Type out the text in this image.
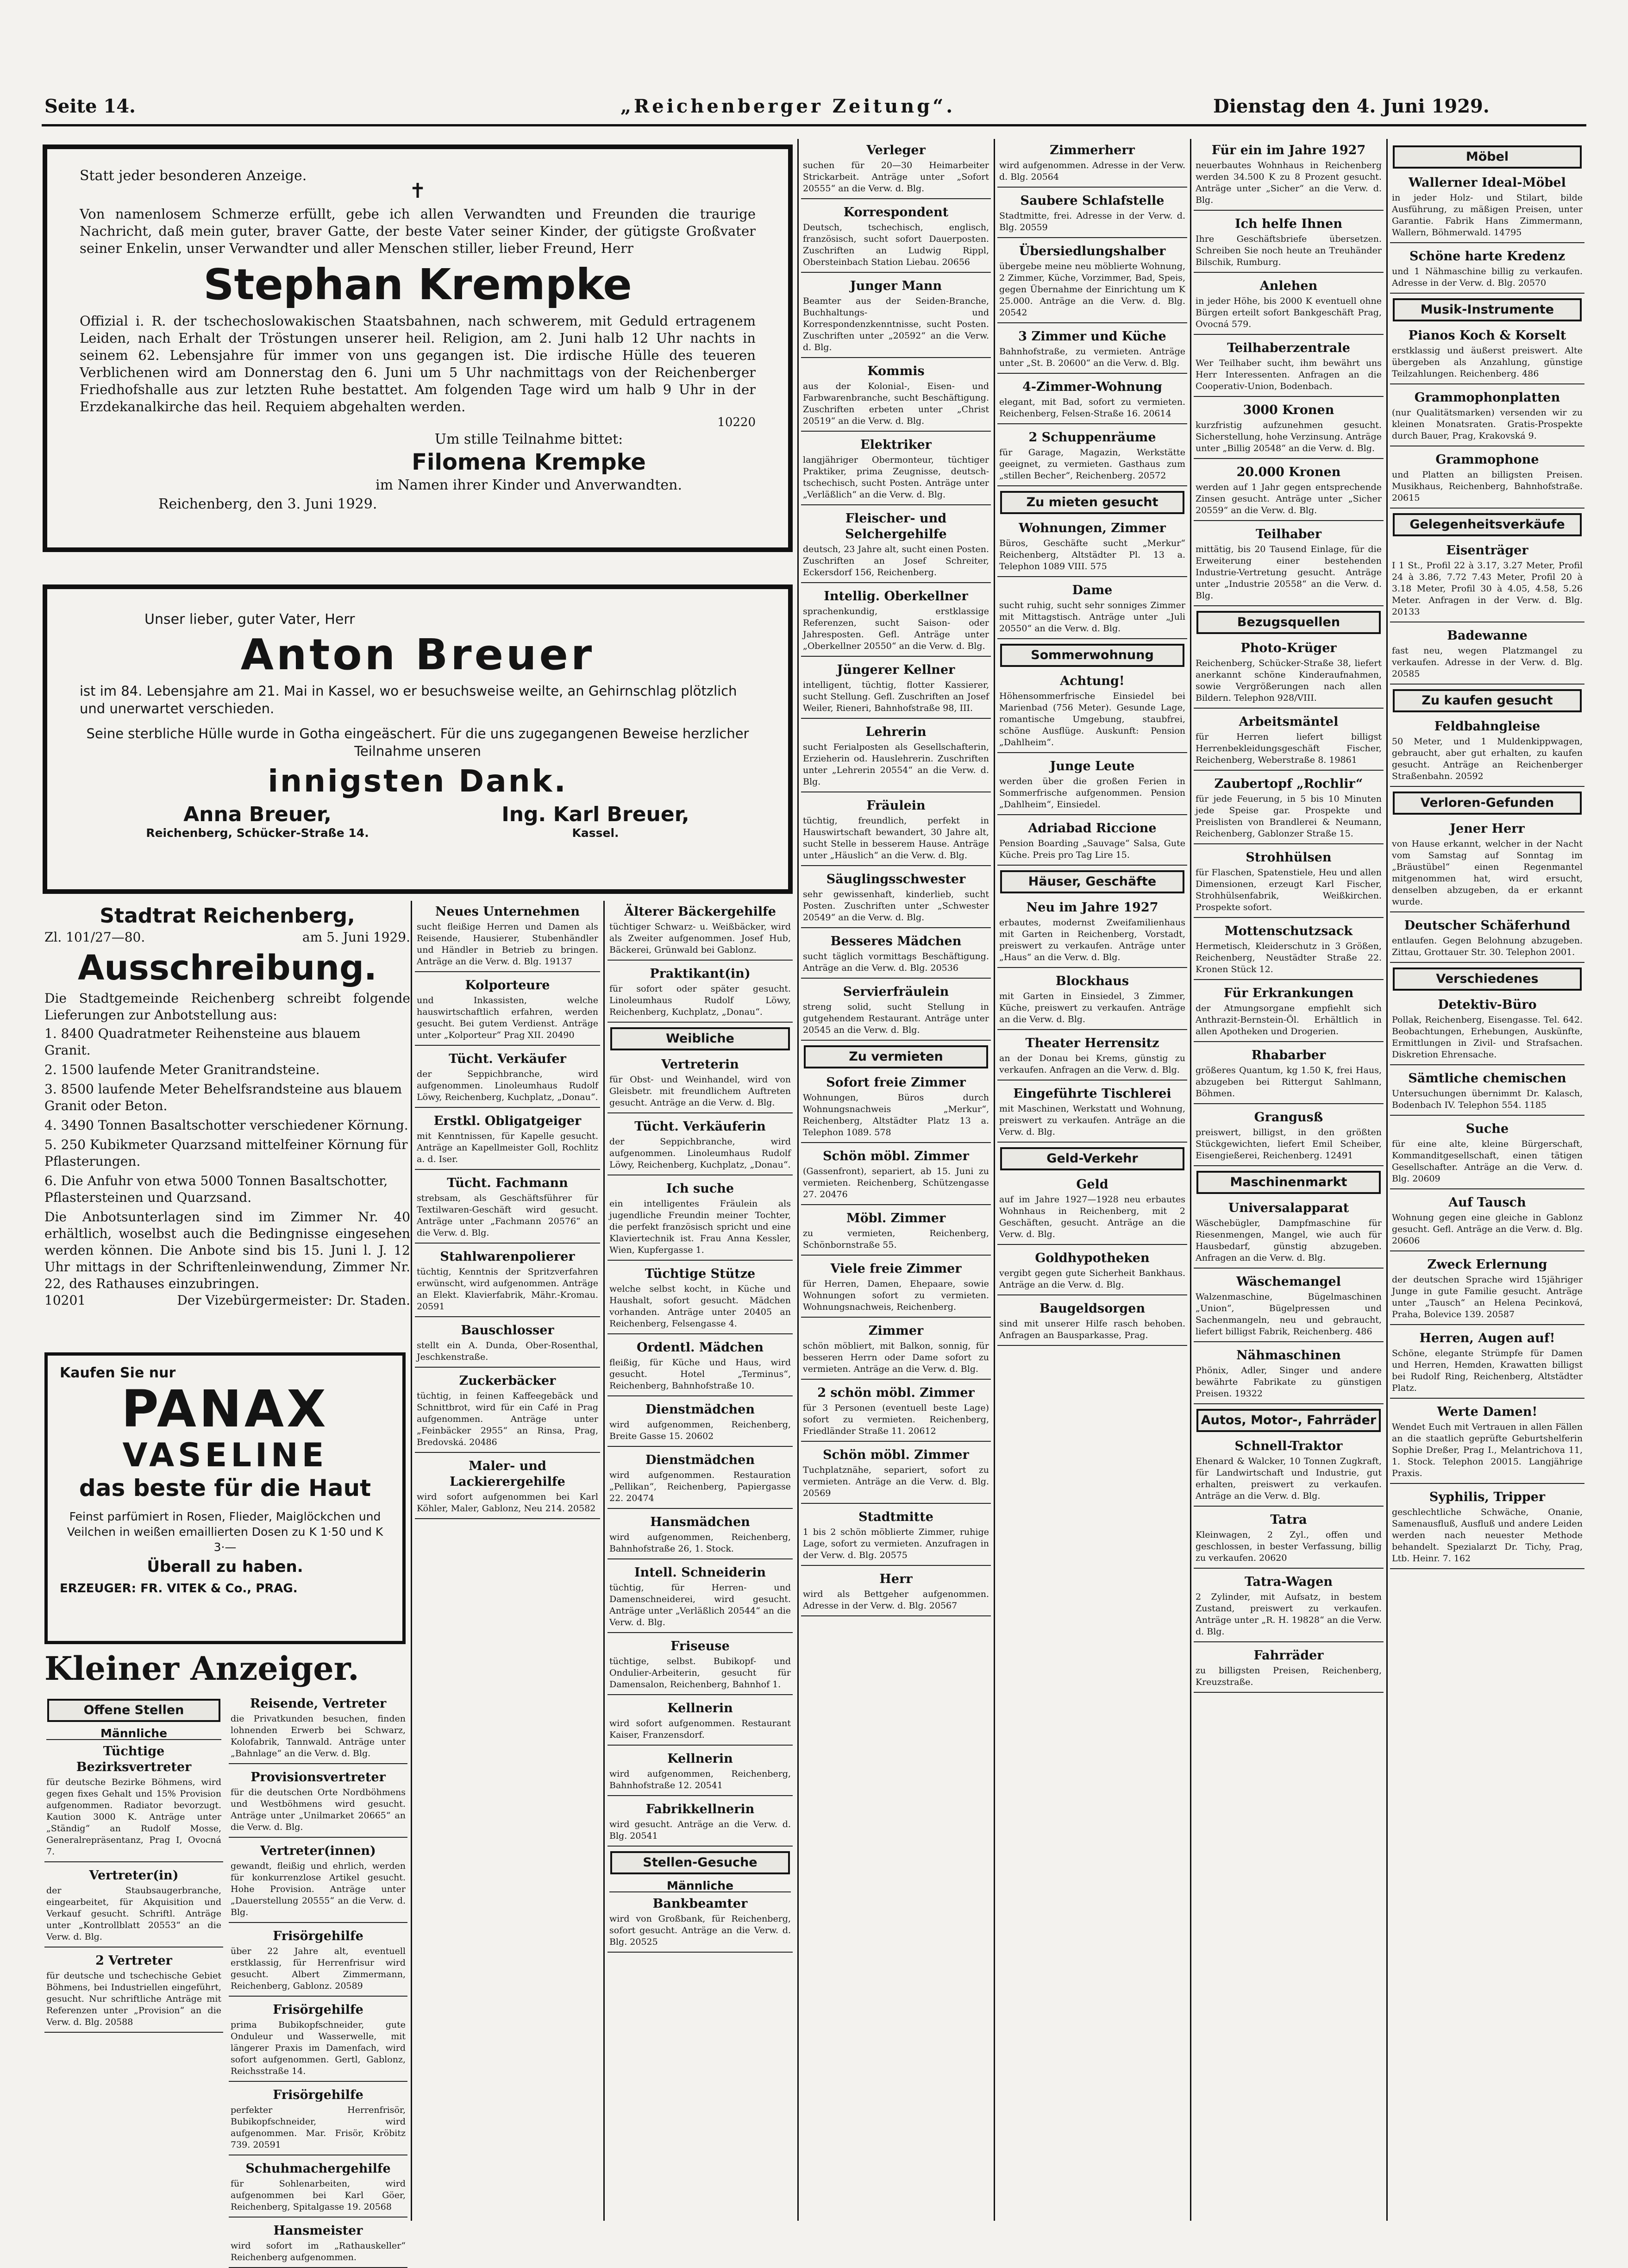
Seite 14.	„Reichenberger Zeitung“.	Dienstag den 4. Juni 1929.
Statt jeder besonderen Anzeige.
✝
Von namenlosem Schmerze erfüllt, gebe ich allen Verwandten und Freunden die traurige Nachricht, daß mein guter, braver Gatte, der beste Vater seiner Kinder, der gütigste Großvater seiner Enkelin, unser Verwandter und aller Menschen stiller, lieber Freund, Herr
Stephan Krempke
Offizial i. R. der tschechoslowakischen Staatsbahnen, nach schwerem, mit Geduld ertragenem Leiden, nach Erhalt der Tröstungen unserer heil. Religion, am 2. Juni halb 12 Uhr nachts in seinem 62. Lebensjahre für immer von uns gegangen ist. Die irdische Hülle des teueren Verblichenen wird am Donnerstag den 6. Juni um 5 Uhr nachmittags von der Reichenberger Friedhofshalle aus zur letzten Ruhe bestattet. Am folgenden Tage wird um halb 9 Uhr in der Erzdekanalkirche das heil. Requiem abgehalten werden.
10220
Um stille Teilnahme bittet:
Filomena Krempke
im Namen ihrer Kinder und Anverwandten.
Reichenberg, den 3. Juni 1929.
Unser lieber, guter Vater, Herr
Anton Breuer
ist im 84. Lebensjahre am 21. Mai in Kassel, wo er besuchsweise weilte, an Gehirnschlag plötzlich und unerwartet verschieden.
Seine sterbliche Hülle wurde in Gotha eingeäschert. Für die uns zugegangenen Beweise herzlicher Teilnahme unseren
innigsten Dank.
Anna Breuer,
Reichenberg, Schücker-Straße 14.
Ing. Karl Breuer,
Kassel.
Stadtrat Reichenberg,
Zl. 101/27—80.	am 5. Juni 1929.
Ausschreibung.
Die Stadtgemeinde Reichenberg schreibt folgende Lieferungen zur Anbotstellung aus:
1. 8400 Quadratmeter Reihensteine aus blauem Granit.
2. 1500 laufende Meter Granitrandsteine.
3. 8500 laufende Meter Behelfsrandsteine aus blauem Granit oder Beton.
4. 3490 Tonnen Basaltschotter verschiedener Körnung.
5. 250 Kubikmeter Quarzsand mittelfeiner Körnung für Pflasterungen.
6. Die Anfuhr von etwa 5000 Tonnen Basaltschotter, Pflastersteinen und Quarzsand.
Die Anbotsunterlagen sind im Zimmer Nr. 40 erhältlich, woselbst auch die Bedingnisse eingesehen werden können. Die Anbote sind bis 15. Juni l. J. 12 Uhr mittags in der Schriftenleinwendung, Zimmer Nr. 22, des Rathauses einzubringen.
10201	Der Vizebürgermeister: Dr. Staden.
Kaufen Sie nur
PANAX
VASELINE
das beste für die Haut
Feinst parfümiert in Rosen, Flieder, Maiglöckchen und Veilchen in weißen emaillierten Dosen zu K 1·50 und K 3·—
Überall zu haben.
ERZEUGER: FR. VITEK & Co., PRAG.
Kleiner Anzeiger.
Offene Stellen
Männliche
Tüchtige Bezirksvertreter
für deutsche Bezirke Böhmens, wird gegen fixes Gehalt und 15% Provision aufgenommen. Radiator bevorzugt. Kaution 3000 K. Anträge unter „Ständig“ an Rudolf Mosse, Generalrepräsentanz, Prag I, Ovocná 7.
Vertreter(in)
der Staubsaugerbranche, eingearbeitet, für Akquisition und Verkauf gesucht. Schriftl. Anträge unter „Kontrollblatt 20553“ an die Verw. d. Blg.
2 Vertreter
für deutsche und tschechische Gebiet Böhmens, bei Industriellen eingeführt, gesucht. Nur schriftliche Anträge mit Referenzen unter „Provision“ an die Verw. d. Blg. 20588
Reisende, Vertreter
die Privatkunden besuchen, finden lohnenden Erwerb bei Schwarz, Kolofabrik, Tannwald. Anträge unter „Bahnlage“ an die Verw. d. Blg.
Provisionsvertreter
für die deutschen Orte Nordböhmens und Westböhmens wird gesucht. Anträge unter „Unilmarket 20665“ an die Verw. d. Blg.
Vertreter(innen)
gewandt, fleißig und ehrlich, werden für konkurrenzlose Artikel gesucht. Hohe Provision. Anträge unter „Dauerstellung 20555“ an die Verw. d. Blg.
Frisörgehilfe
über 22 Jahre alt, eventuell erstklassig, für Herrenfrisur wird gesucht. Albert Zimmermann, Reichenberg, Gablonz. 20589
Frisörgehilfe
prima Bubikopfschneider, gute Onduleur und Wasserwelle, mit längerer Praxis im Damenfach, wird sofort aufgenommen. Gertl, Gablonz, Reichsstraße 14.
Frisörgehilfe
perfekter Herrenfrisör, Bubikopfschneider, wird aufgenommen. Mar. Frisör, Kröbitz 739. 20591
Schuhmachergehilfe
für Sohlenarbeiten, wird aufgenommen bei Karl Göer, Reichenberg, Spitalgasse 19. 20568
Hansmeister
wird sofort im „Rathauskeller“ Reichenberg aufgenommen.
Neues Unternehmen
sucht fleißige Herren und Damen als Reisende, Hausierer, Stubenhändler und Händler in Betrieb zu bringen. Anträge an die Verw. d. Blg. 19137
Kolporteure
und Inkassisten, welche hauswirtschaftlich erfahren, werden gesucht. Bei gutem Verdienst. Anträge unter „Kolporteur“ Prag XII. 20490
Tücht. Verkäufer
der Seppichbranche, wird aufgenommen. Linoleumhaus Rudolf Löwy, Reichenberg, Kuchplatz, „Donau“.
Erstkl. Obligatgeiger
mit Kenntnissen, für Kapelle gesucht. Anträge an Kapellmeister Goll, Rochlitz a. d. Iser.
Tücht. Fachmann
strebsam, als Geschäftsführer für Textilwaren-Geschäft wird gesucht. Anträge unter „Fachmann 20576“ an die Verw. d. Blg.
Stahlwarenpolierer
tüchtig, Kenntnis der Spritzverfahren erwünscht, wird aufgenommen. Anträge an Elekt. Klavierfabrik, Mähr.-Kromau. 20591
Bauschlosser
stellt ein A. Dunda, Ober-Rosenthal, Jeschkenstraße.
Zuckerbäcker
tüchtig, in feinen Kaffeegebäck und Schnittbrot, wird für ein Café in Prag aufgenommen. Anträge unter „Feinbäcker 2955“ an Rinsa, Prag, Bredovská. 20486
Maler- und Lackierergehilfe
wird sofort aufgenommen bei Karl Köhler, Maler, Gablonz, Neu 214. 20582
Älterer Bäckergehilfe
tüchtiger Schwarz- u. Weißbäcker, wird als Zweiter aufgenommen. Josef Hub, Bäckerei, Grünwald bei Gablonz.
Praktikant(in)
für sofort oder später gesucht. Linoleumhaus Rudolf Löwy, Reichenberg, Kuchplatz, „Donau“.
Weibliche
Vertreterin
für Obst- und Weinhandel, wird von Gleisbetr. mit freundlichem Auftreten gesucht. Anträge an die Verw. d. Blg.
Tücht. Verkäuferin
der Seppichbranche, wird aufgenommen. Linoleumhaus Rudolf Löwy, Reichenberg, Kuchplatz, „Donau“.
Ich suche
ein intelligentes Fräulein als jugendliche Freundin meiner Tochter, die perfekt französisch spricht und eine Klaviertechnik ist. Frau Anna Kessler, Wien, Kupfergasse 1.
Tüchtige Stütze
welche selbst kocht, in Küche und Haushalt, sofort gesucht. Mädchen vorhanden. Anträge unter 20405 an Reichenberg, Felsengasse 4.
Ordentl. Mädchen
fleißig, für Küche und Haus, wird gesucht. Hotel „Terminus“, Reichenberg, Bahnhofstraße 10.
Dienstmädchen
wird aufgenommen, Reichenberg, Breite Gasse 15. 20602
Dienstmädchen
wird aufgenommen. Restauration „Pellikan“, Reichenberg, Papiergasse 22. 20474
Hansmädchen
wird aufgenommen, Reichenberg, Bahnhofstraße 26, 1. Stock.
Intell. Schneiderin
tüchtig, für Herren- und Damenschneiderei, wird gesucht. Anträge unter „Verläßlich 20544“ an die Verw. d. Blg.
Friseuse
tüchtige, selbst. Bubikopf- und Ondulier-Arbeiterin, gesucht für Damensalon, Reichenberg, Bahnhof 1.
Kellnerin
wird sofort aufgenommen. Restaurant Kaiser, Franzensdorf.
Kellnerin
wird aufgenommen, Reichenberg, Bahnhofstraße 12. 20541
Fabrikkellnerin
wird gesucht. Anträge an die Verw. d. Blg. 20541
Stellen-Gesuche
Männliche
Bankbeamter
wird von Großbank, für Reichenberg, sofort gesucht. Anträge an die Verw. d. Blg. 20525
Verleger
suchen für 20—30 Heimarbeiter Strickarbeit. Anträge unter „Sofort 20555“ an die Verw. d. Blg.
Korrespondent
Deutsch, tschechisch, englisch, französisch, sucht sofort Dauerposten. Zuschriften an Ludwig Rippl, Obersteinbach Station Liebau. 20656
Junger Mann
Beamter aus der Seiden-Branche, Buchhaltungs- und Korrespondenzkenntnisse, sucht Posten. Zuschriften unter „20592“ an die Verw. d. Blg.
Kommis
aus der Kolonial-, Eisen- und Farbwarenbranche, sucht Beschäftigung. Zuschriften erbeten unter „Christ 20519“ an die Verw. d. Blg.
Elektriker
langjähriger Obermonteur, tüchtiger Praktiker, prima Zeugnisse, deutsch-tschechisch, sucht Posten. Anträge unter „Verläßlich“ an die Verw. d. Blg.
Fleischer- und Selchergehilfe
deutsch, 23 Jahre alt, sucht einen Posten. Zuschriften an Josef Schreiter, Eckersdorf 156, Reichenberg.
Intellig. Oberkellner
sprachenkundig, erstklassige Referenzen, sucht Saison- oder Jahresposten. Gefl. Anträge unter „Oberkellner 20550“ an die Verw. d. Blg.
Jüngerer Kellner
intelligent, tüchtig, flotter Kassierer, sucht Stellung. Gefl. Zuschriften an Josef Weiler, Rieneri, Bahnhofstraße 98, III.
Lehrerin
sucht Ferialposten als Gesellschafterin, Erzieherin od. Hauslehrerin. Zuschriften unter „Lehrerin 20554“ an die Verw. d. Blg.
Fräulein
tüchtig, freundlich, perfekt in Hauswirtschaft bewandert, 30 Jahre alt, sucht Stelle in besserem Hause. Anträge unter „Häuslich“ an die Verw. d. Blg.
Säuglingsschwester
sehr gewissenhaft, kinderlieb, sucht Posten. Zuschriften unter „Schwester 20549“ an die Verw. d. Blg.
Besseres Mädchen
sucht täglich vormittags Beschäftigung. Anträge an die Verw. d. Blg. 20536
Servierfräulein
streng solid, sucht Stellung in gutgehendem Restaurant. Anträge unter 20545 an die Verw. d. Blg.
Zu vermieten
Sofort freie Zimmer
Wohnungen, Büros durch Wohnungsnachweis „Merkur“, Reichenberg, Altstädter Platz 13 a. Telephon 1089. 578
Schön möbl. Zimmer
(Gassenfront), separiert, ab 15. Juni zu vermieten. Reichenberg, Schützengasse 27. 20476
Möbl. Zimmer
zu vermieten, Reichenberg, Schönbornstraße 55.
Viele freie Zimmer
für Herren, Damen, Ehepaare, sowie Wohnungen sofort zu vermieten. Wohnungsnachweis, Reichenberg.
Zimmer
schön möbliert, mit Balkon, sonnig, für besseren Herrn oder Dame sofort zu vermieten. Anträge an die Verw. d. Blg.
2 schön möbl. Zimmer
für 3 Personen (eventuell beste Lage) sofort zu vermieten. Reichenberg, Friedländer Straße 11. 20612
Schön möbl. Zimmer
Tuchplatznähe, separiert, sofort zu vermieten. Anträge an die Verw. d. Blg. 20569
Stadtmitte
1 bis 2 schön möblierte Zimmer, ruhige Lage, sofort zu vermieten. Anzufragen in der Verw. d. Blg. 20575
Herr
wird als Bettgeher aufgenommen. Adresse in der Verw. d. Blg. 20567
Zimmerherr
wird aufgenommen. Adresse in der Verw. d. Blg. 20564
Saubere Schlafstelle
Stadtmitte, frei. Adresse in der Verw. d. Blg. 20559
Übersiedlungshalber
übergebe meine neu möblierte Wohnung, 2 Zimmer, Küche, Vorzimmer, Bad, Speis, gegen Übernahme der Einrichtung um K 25.000. Anträge an die Verw. d. Blg. 20542
3 Zimmer und Küche
Bahnhofstraße, zu vermieten. Anträge unter „St. B. 20600“ an die Verw. d. Blg.
4-Zimmer-Wohnung
elegant, mit Bad, sofort zu vermieten. Reichenberg, Felsen-Straße 16. 20614
2 Schuppenräume
für Garage, Magazin, Werkstätte geeignet, zu vermieten. Gasthaus zum „stillen Becher“, Reichenberg. 20572
Zu mieten gesucht
Wohnungen, Zimmer
Büros, Geschäfte sucht „Merkur“ Reichenberg, Altstädter Pl. 13 a. Telephon 1089 VIII. 575
Dame
sucht ruhig, sucht sehr sonniges Zimmer mit Mittagstisch. Anträge unter „Juli 20550“ an die Verw. d. Blg.
Sommerwohnung
Achtung!
Höhensommerfrische Einsiedel bei Marienbad (756 Meter). Gesunde Lage, romantische Umgebung, staubfrei, schöne Ausflüge. Auskunft: Pension „Dahlheim“.
Junge Leute
werden über die großen Ferien in Sommerfrische aufgenommen. Pension „Dahlheim“, Einsiedel.
Adriabad Riccione
Pension Boarding „Sauvage“ Salsa, Gute Küche. Preis pro Tag Lire 15.
Häuser, Geschäfte
Neu im Jahre 1927
erbautes, modernst Zweifamilienhaus mit Garten in Reichenberg, Vorstadt, preiswert zu verkaufen. Anträge unter „Haus“ an die Verw. d. Blg.
Blockhaus
mit Garten in Einsiedel, 3 Zimmer, Küche, preiswert zu verkaufen. Anträge an die Verw. d. Blg.
Theater Herrensitz
an der Donau bei Krems, günstig zu verkaufen. Anfragen an die Verw. d. Blg.
Eingeführte Tischlerei
mit Maschinen, Werkstatt und Wohnung, preiswert zu verkaufen. Anträge an die Verw. d. Blg.
Geld-Verkehr
Geld
auf im Jahre 1927—1928 neu erbautes Wohnhaus in Reichenberg, mit 2 Geschäften, gesucht. Anträge an die Verw. d. Blg.
Goldhypotheken
vergibt gegen gute Sicherheit Bankhaus. Anträge an die Verw. d. Blg.
Baugeldsorgen
sind mit unserer Hilfe rasch behoben. Anfragen an Bausparkasse, Prag.
Für ein im Jahre 1927
neuerbautes Wohnhaus in Reichenberg werden 34.500 K zu 8 Prozent gesucht. Anträge unter „Sicher“ an die Verw. d. Blg.
Ich helfe Ihnen
Ihre Geschäftsbriefe übersetzen. Schreiben Sie noch heute an Treuhänder Bilschik, Rumburg.
Anlehen
in jeder Höhe, bis 2000 K eventuell ohne Bürgen erteilt sofort Bankgeschäft Prag, Ovocná 579.
Teilhaberzentrale
Wer Teilhaber sucht, ihm bewährt uns Herr Interessenten. Anfragen an die Cooperativ-Union, Bodenbach.
3000 Kronen
kurzfristig aufzunehmen gesucht. Sicherstellung, hohe Verzinsung. Anträge unter „Billig 20548“ an die Verw. d. Blg.
20.000 Kronen
werden auf 1 Jahr gegen entsprechende Zinsen gesucht. Anträge unter „Sicher 20559“ an die Verw. d. Blg.
Teilhaber
mittätig, bis 20 Tausend Einlage, für die Erweiterung einer bestehenden Industrie-Vertretung gesucht. Anträge unter „Industrie 20558“ an die Verw. d. Blg.
Bezugsquellen
Photo-Krüger
Reichenberg, Schücker-Straße 38, liefert anerkannt schöne Kinderaufnahmen, sowie Vergrößerungen nach allen Bildern. Telephon 928/VIII.
Arbeitsmäntel
für Herren liefert billigst Herrenbekleidungsgeschäft Fischer, Reichenberg, Weberstraße 8. 19861
Zaubertopf „Rochlir“
für jede Feuerung, in 5 bis 10 Minuten jede Speise gar. Prospekte und Preislisten von Brandlerei & Neumann, Reichenberg, Gablonzer Straße 15.
Strohhülsen
für Flaschen, Spatenstiele, Heu und allen Dimensionen, erzeugt Karl Fischer, Strohhülsenfabrik, Weißkirchen. Prospekte sofort.
Mottenschutzsack
Hermetisch, Kleiderschutz in 3 Größen, Reichenberg, Neustädter Straße 22. Kronen Stück 12.
Für Erkrankungen
der Atmungsorgane empfiehlt sich Anthrazit-Bernstein-Öl. Erhältlich in allen Apotheken und Drogerien.
Rhabarber
größeres Quantum, kg 1.50 K, frei Haus, abzugeben bei Rittergut Sahlmann, Böhmen.
Grangusß
preiswert, billigst, in den größten Stückgewichten, liefert Emil Scheiber, Eisengießerei, Reichenberg. 12491
Maschinenmarkt
Universalapparat
Wäschebügler, Dampfmaschine für Riesenmengen, Mangel, wie auch für Hausbedarf, günstig abzugeben. Anfragen an die Verw. d. Blg.
Wäschemangel
Walzenmaschine, Bügelmaschinen „Union“, Bügelpressen und Sachenmangeln, neu und gebraucht, liefert billigst Fabrik, Reichenberg. 486
Nähmaschinen
Phönix, Adler, Singer und andere bewährte Fabrikate zu günstigen Preisen. 19322
Autos, Motor-, Fahrräder
Schnell-Traktor
Ehenard & Walcker, 10 Tonnen Zugkraft, für Landwirtschaft und Industrie, gut erhalten, preiswert zu verkaufen. Anträge an die Verw. d. Blg.
Tatra
Kleinwagen, 2 Zyl., offen und geschlossen, in bester Verfassung, billig zu verkaufen. 20620
Tatra-Wagen
2 Zylinder, mit Aufsatz, in bestem Zustand, preiswert zu verkaufen. Anträge unter „R. H. 19828“ an die Verw. d. Blg.
Fahrräder
zu billigsten Preisen, Reichenberg, Kreuzstraße.
Möbel
Wallerner Ideal-Möbel
in jeder Holz- und Stilart, bilde Ausführung, zu mäßigen Preisen, unter Garantie. Fabrik Hans Zimmermann, Wallern, Böhmerwald. 14795
Schöne harte Kredenz
und 1 Nähmaschine billig zu verkaufen. Adresse in der Verw. d. Blg. 20570
Musik-Instrumente
Pianos Koch & Korselt
erstklassig und äußerst preiswert. Alte übergeben als Anzahlung, günstige Teilzahlungen. Reichenberg. 486
Grammophonplatten
(nur Qualitätsmarken) versenden wir zu kleinen Monatsraten. Gratis-Prospekte durch Bauer, Prag, Krakovská 9.
Grammophone
und Platten an billigsten Preisen. Musikhaus, Reichenberg, Bahnhofstraße. 20615
Gelegenheitsverkäufe
Eisenträger
I 1 St., Profil 22 à 3.17, 3.27 Meter, Profil 24 à 3.86, 7.72 7.43 Meter, Profil 20 à 3.18 Meter, Profil 30 à 4.05, 4.58, 5.26 Meter. Anfragen in der Verw. d. Blg. 20133
Badewanne
fast neu, wegen Platzmangel zu verkaufen. Adresse in der Verw. d. Blg. 20585
Zu kaufen gesucht
Feldbahngleise
50 Meter, und 1 Muldenkippwagen, gebraucht, aber gut erhalten, zu kaufen gesucht. Anträge an Reichenberger Straßenbahn. 20592
Verloren-Gefunden
Jener Herr
von Hause erkannt, welcher in der Nacht vom Samstag auf Sonntag im „Bräustübel“ einen Regenmantel mitgenommen hat, wird ersucht, denselben abzugeben, da er erkannt wurde.
Deutscher Schäferhund
entlaufen. Gegen Belohnung abzugeben. Zittau, Grottauer Str. 30. Telephon 2001.
Verschiedenes
Detektiv-Büro
Pollak, Reichenberg, Eisengasse. Tel. 642. Beobachtungen, Erhebungen, Auskünfte, Ermittlungen in Zivil- und Strafsachen. Diskretion Ehrensache.
Sämtliche chemischen
Untersuchungen übernimmt Dr. Kalasch, Bodenbach IV. Telephon 554. 1185
Suche
für eine alte, kleine Bürgerschaft, Kommanditgesellschaft, einen tätigen Gesellschafter. Anträge an die Verw. d. Blg. 20609
Auf Tausch
Wohnung gegen eine gleiche in Gablonz gesucht. Gefl. Anträge an die Verw. d. Blg. 20606
Zweck Erlernung
der deutschen Sprache wird 15jähriger Junge in gute Familie gesucht. Anträge unter „Tausch“ an Helena Pecinková, Praha, Bolevice 139. 20587
Herren, Augen auf!
Schöne, elegante Strümpfe für Damen und Herren, Hemden, Krawatten billigst bei Rudolf Ring, Reichenberg, Altstädter Platz.
Werte Damen!
Wendet Euch mit Vertrauen in allen Fällen an die staatlich geprüfte Geburtshelferin Sophie Dreßer, Prag I., Melantrichova 11, 1. Stock. Telephon 20015. Langjährige Praxis.
Syphilis, Tripper
geschlechtliche Schwäche, Onanie, Samenausfluß, Ausfluß und andere Leiden werden nach neuester Methode behandelt. Spezialarzt Dr. Tichy, Prag, Ltb. Heinr. 7. 162
